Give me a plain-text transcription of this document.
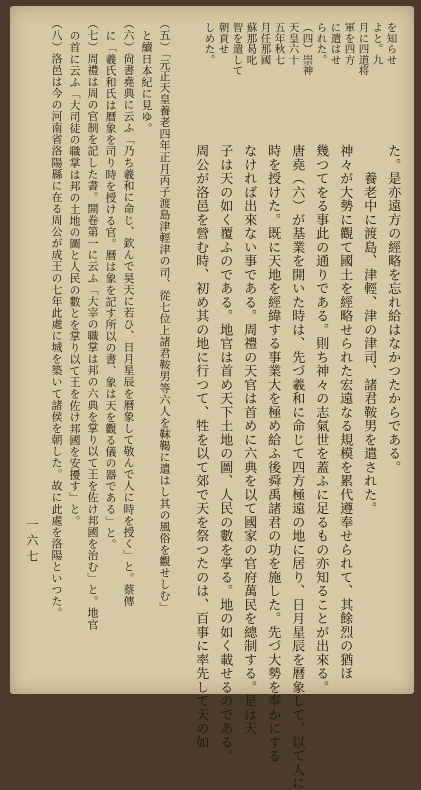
を知らせ
よと。九
月に四道将
軍を四方
に遣はせ
られた。
（四）崇神
天皇六十
五年秋七
月任那國
蘇那曷叱
智を遣して
朝貢せ
しめた。
た。是亦遠方の經略を忘れ給はなかつたからである。
　　養老中に渡島、津輕、津の津司、諸君鞍男を遣された。
神々が大勢に觀て國土を經略せられた宏遠なる規模を累代遵奉せられて、其餘烈の猶ほ
幾つてをる事此の通りである。則ち神々の志氣世を蓋ふに足るもの亦知ることが出來る。
唐堯（六）が基業を開いた時は、先づ羲和に命じて四方極遠の地に居り、日月星辰を曆象して、以て人に
時を授けた。既に天地を經緯する事業大を極め給ふ後舜禹諸君の功を施した。先づ大勢を奉かにする
なければ出來ない事である。周禮の天官は首めに六典を以て國家の官府萬民を總制する。是は天
子は天の如く覆ふのである。地官は首め天下土地の圖、人民の數を掌る。地の如く載せるのである。
周公が洛邑を營む時、初め其の地に行つて、牲を以て郊で天を祭つたのは、百事に率先して天の如
（五）「元正天皇養老四年正月丙子渡島津輕津の司、從七位上諸君鞍男等六人を靺鞨に遣はし其の風俗を觀せしむ」
と續日本紀に見ゆ。
（六）尙書堯典に云ふ「乃ち羲和に命じ、欽んで昊天に若ひ、日月星辰を曆象して敬んで人に時を授く」と。蔡傳
に「羲氏和氏は曆象を司り時を授ける官。曆は象を記す所以の書、象は天を觀る儀の器である」と。
（七）周禮は周の官制を記した書。開卷第一に云ふ「大宰の職掌は邦の六典を掌り以て王を佐け邦國を治む」と。地官
の首に云ふ「大司徒の職掌は邦の土地の圖と人民の數とを掌り以て王を佐け邦國を安擾す」と。
（八）洛邑は今の河南省洛陽縣に在る周公が成王の七年此處に城を築いて諸侯を朝した。故に此處を洛陽といつた。
一六七
